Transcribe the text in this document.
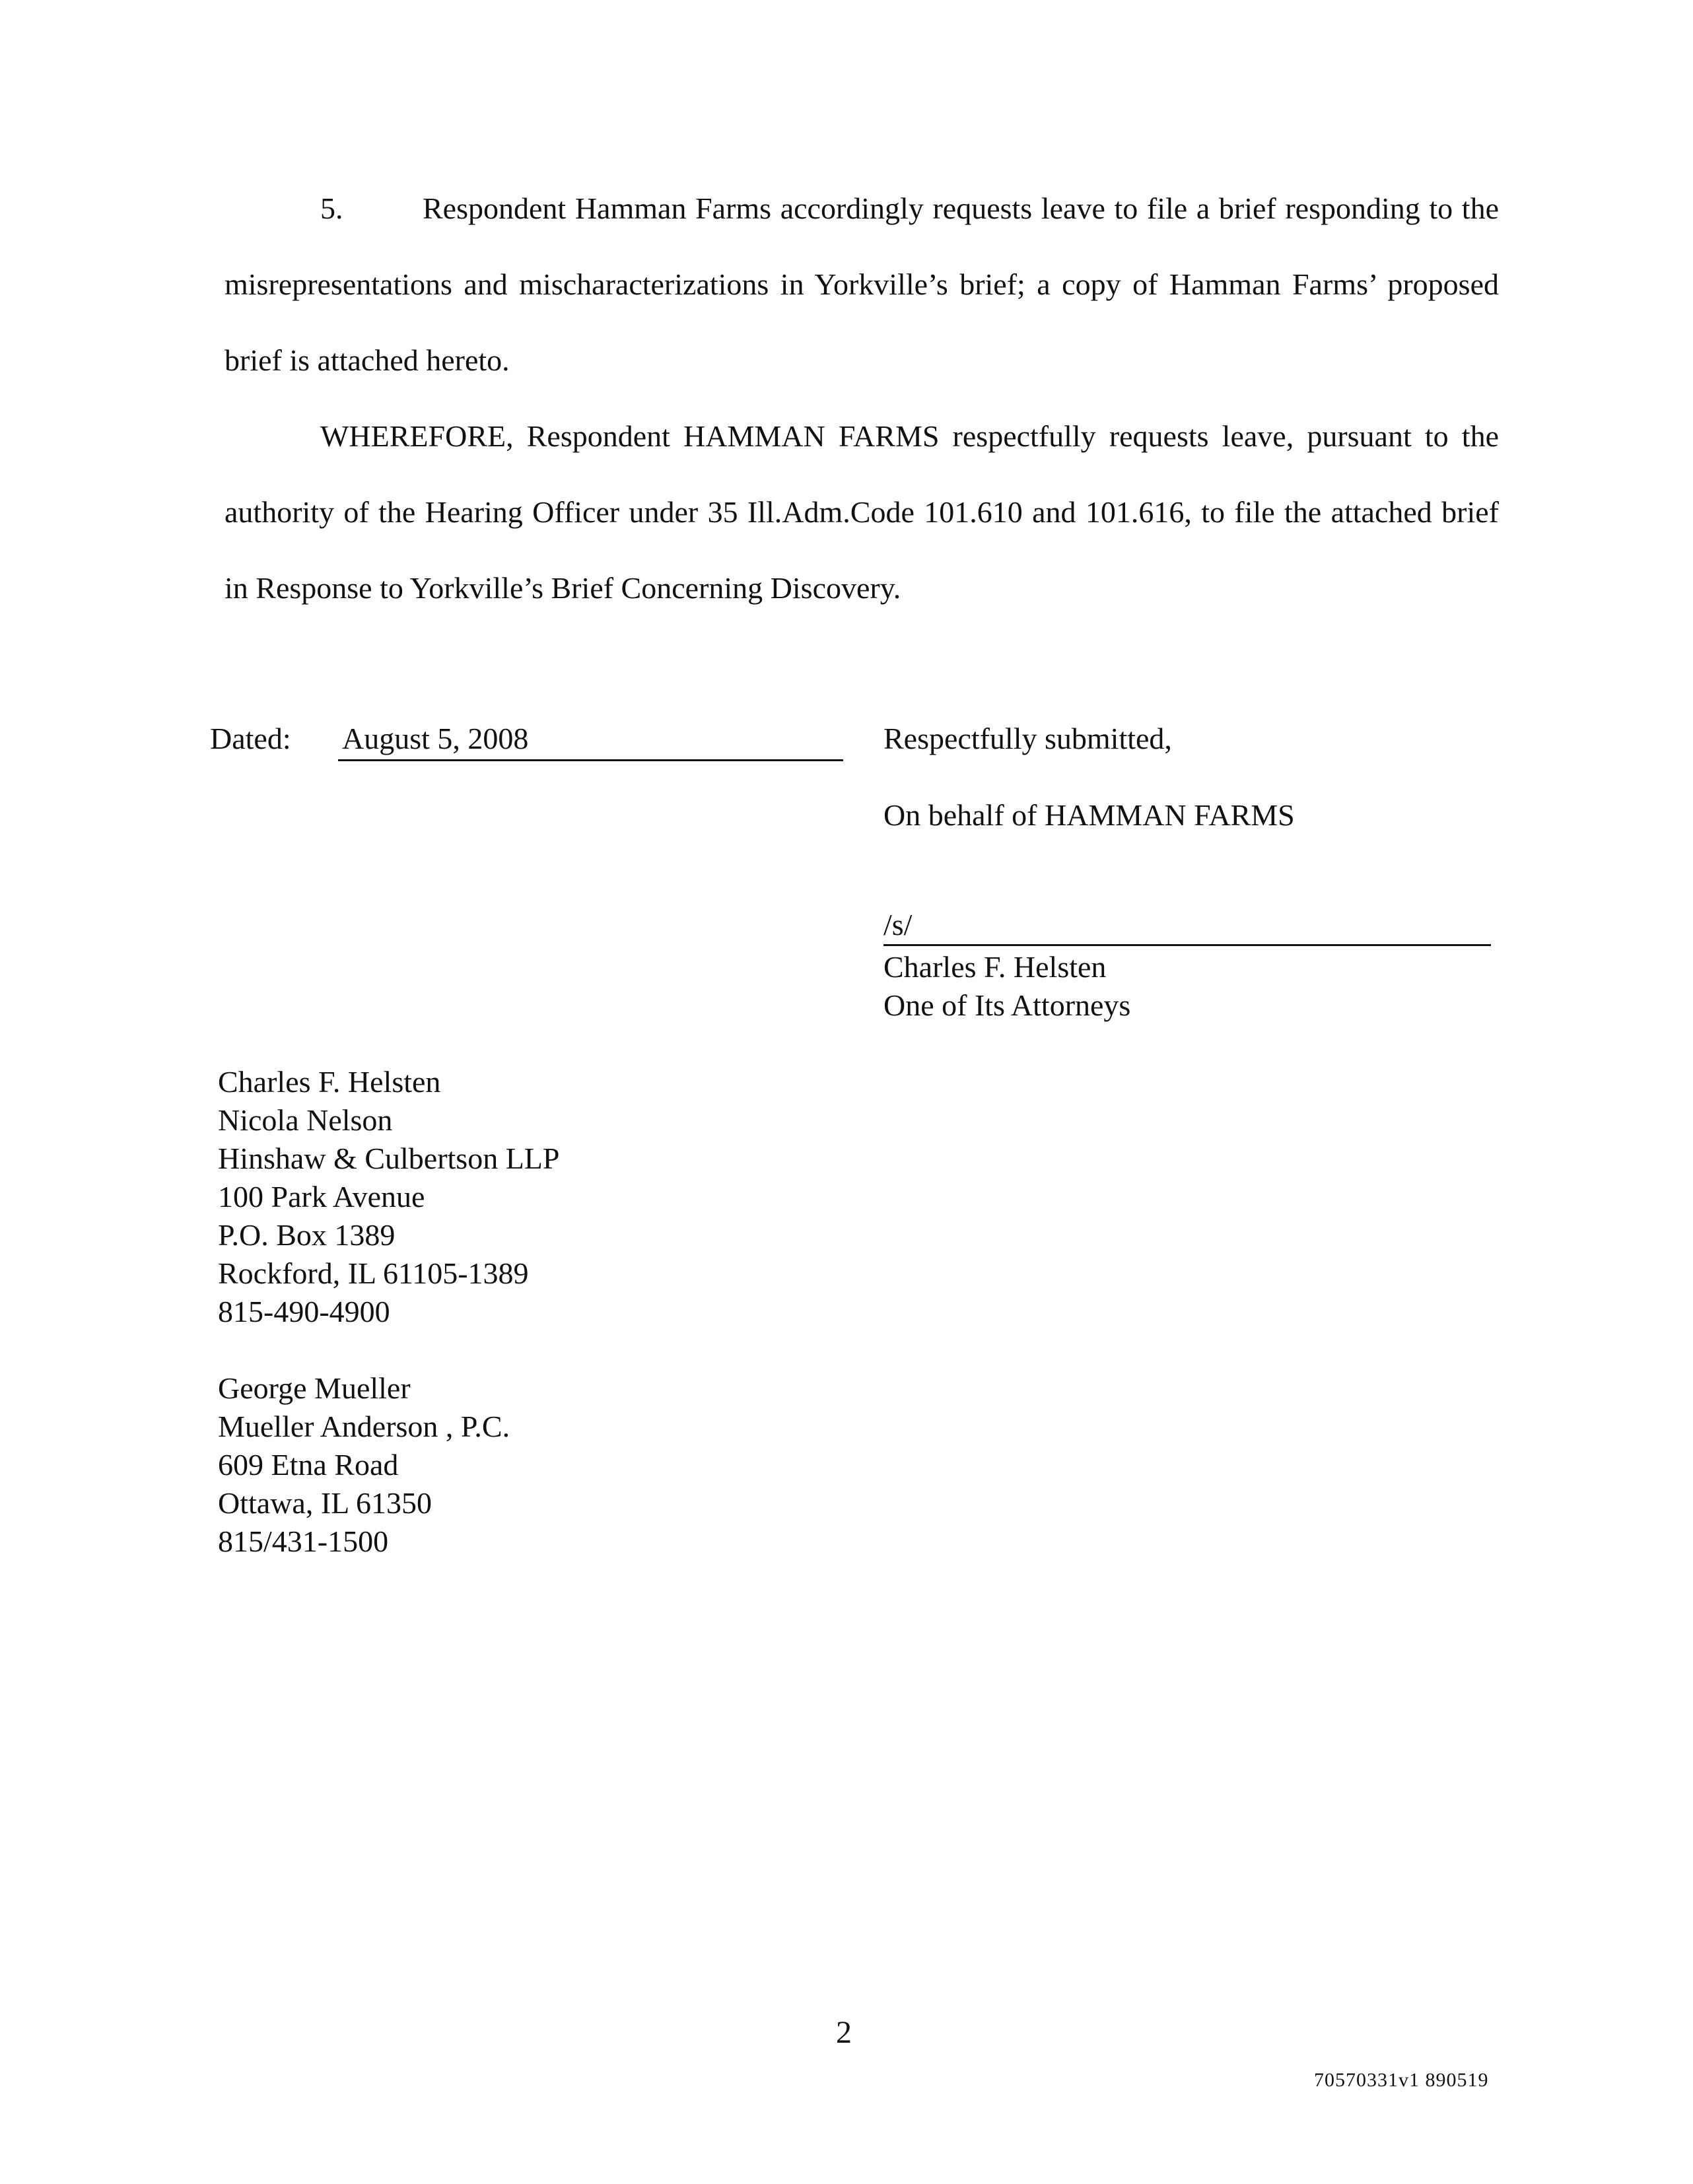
5.	Respondent Hamman Farms accordingly requests leave to file a brief responding to the misrepresentations and mischaracterizations in Yorkville’s brief; a copy of Hamman Farms’ proposed brief is attached hereto.

WHEREFORE, Respondent HAMMAN FARMS respectfully requests leave, pursuant to the authority of the Hearing Officer under 35 Ill.Adm.Code 101.610 and 101.616, to file the attached brief in Response to Yorkville’s Brief Concerning Discovery.

Dated: August 5, 2008	Respectfully submitted,
On behalf of HAMMAN FARMS
/s/
Charles F. Helsten
One of Its Attorneys
Charles F. Helsten
Nicola Nelson
Hinshaw & Culbertson LLP
100 Park Avenue
P.O. Box 1389
Rockford, IL 61105-1389
815-490-4900
George Mueller
Mueller Anderson , P.C.
609 Etna Road
Ottawa, IL 61350
815/431-1500
2
70570331v1 890519
